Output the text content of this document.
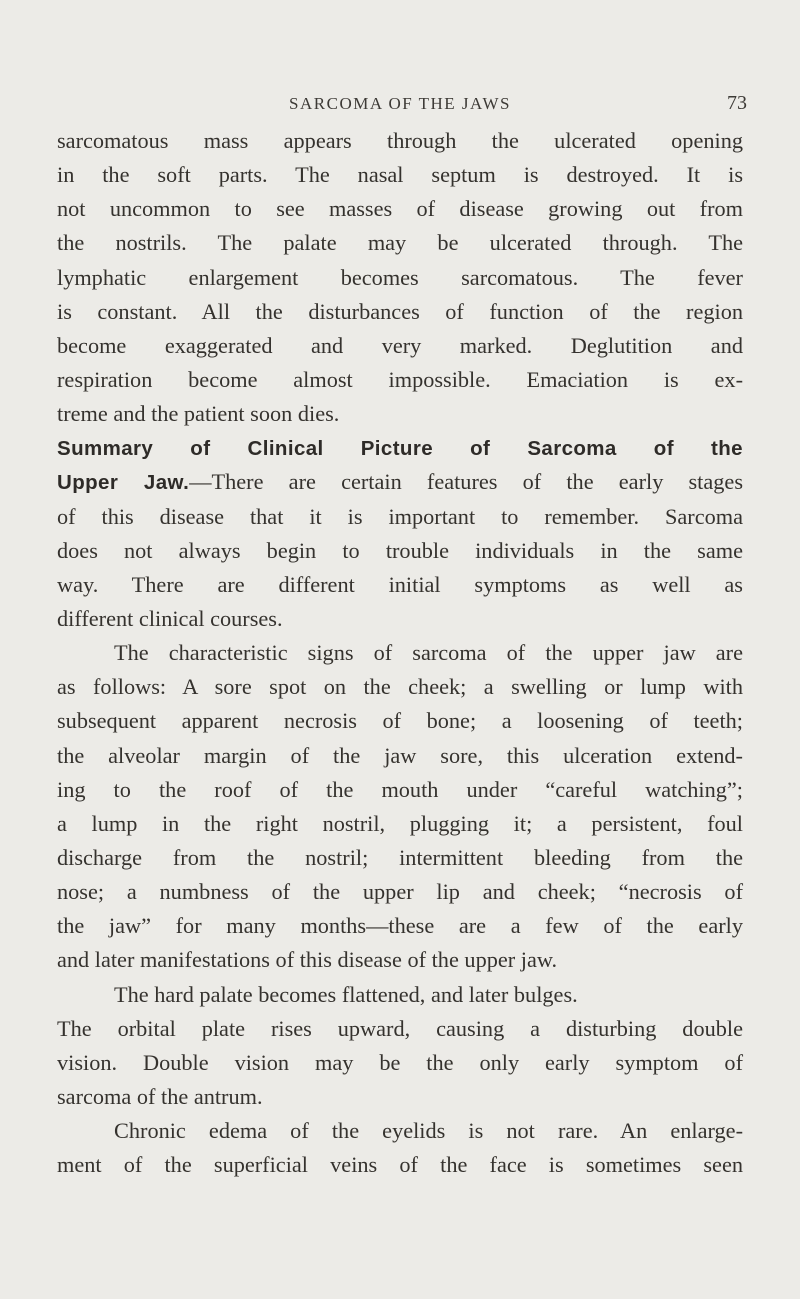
SARCOMA OF THE JAWS	73
sarcomatous mass appears through the ulcerated opening
in the soft parts. The nasal septum is destroyed. It is
not uncommon to see masses of disease growing out from
the nostrils. The palate may be ulcerated through. The
lymphatic enlargement becomes sarcomatous. The fever
is constant. All the disturbances of function of the region
become exaggerated and very marked. Deglutition and
respiration become almost impossible. Emaciation is ex-
treme and the patient soon dies.
Summary of Clinical Picture of Sarcoma of the
Upper Jaw.—There are certain features of the early stages
of this disease that it is important to remember. Sarcoma
does not always begin to trouble individuals in the same
way. There are different initial symptoms as well as
different clinical courses.
The characteristic signs of sarcoma of the upper jaw are
as follows: A sore spot on the cheek; a swelling or lump with
subsequent apparent necrosis of bone; a loosening of teeth;
the alveolar margin of the jaw sore, this ulceration extend-
ing to the roof of the mouth under “careful watching”;
a lump in the right nostril, plugging it; a persistent, foul
discharge from the nostril; intermittent bleeding from the
nose; a numbness of the upper lip and cheek; “necrosis of
the jaw” for many months—these are a few of the early
and later manifestations of this disease of the upper jaw.
The hard palate becomes flattened, and later bulges.
The orbital plate rises upward, causing a disturbing double
vision. Double vision may be the only early symptom of
sarcoma of the antrum.
Chronic edema of the eyelids is not rare. An enlarge-
ment of the superficial veins of the face is sometimes seen
